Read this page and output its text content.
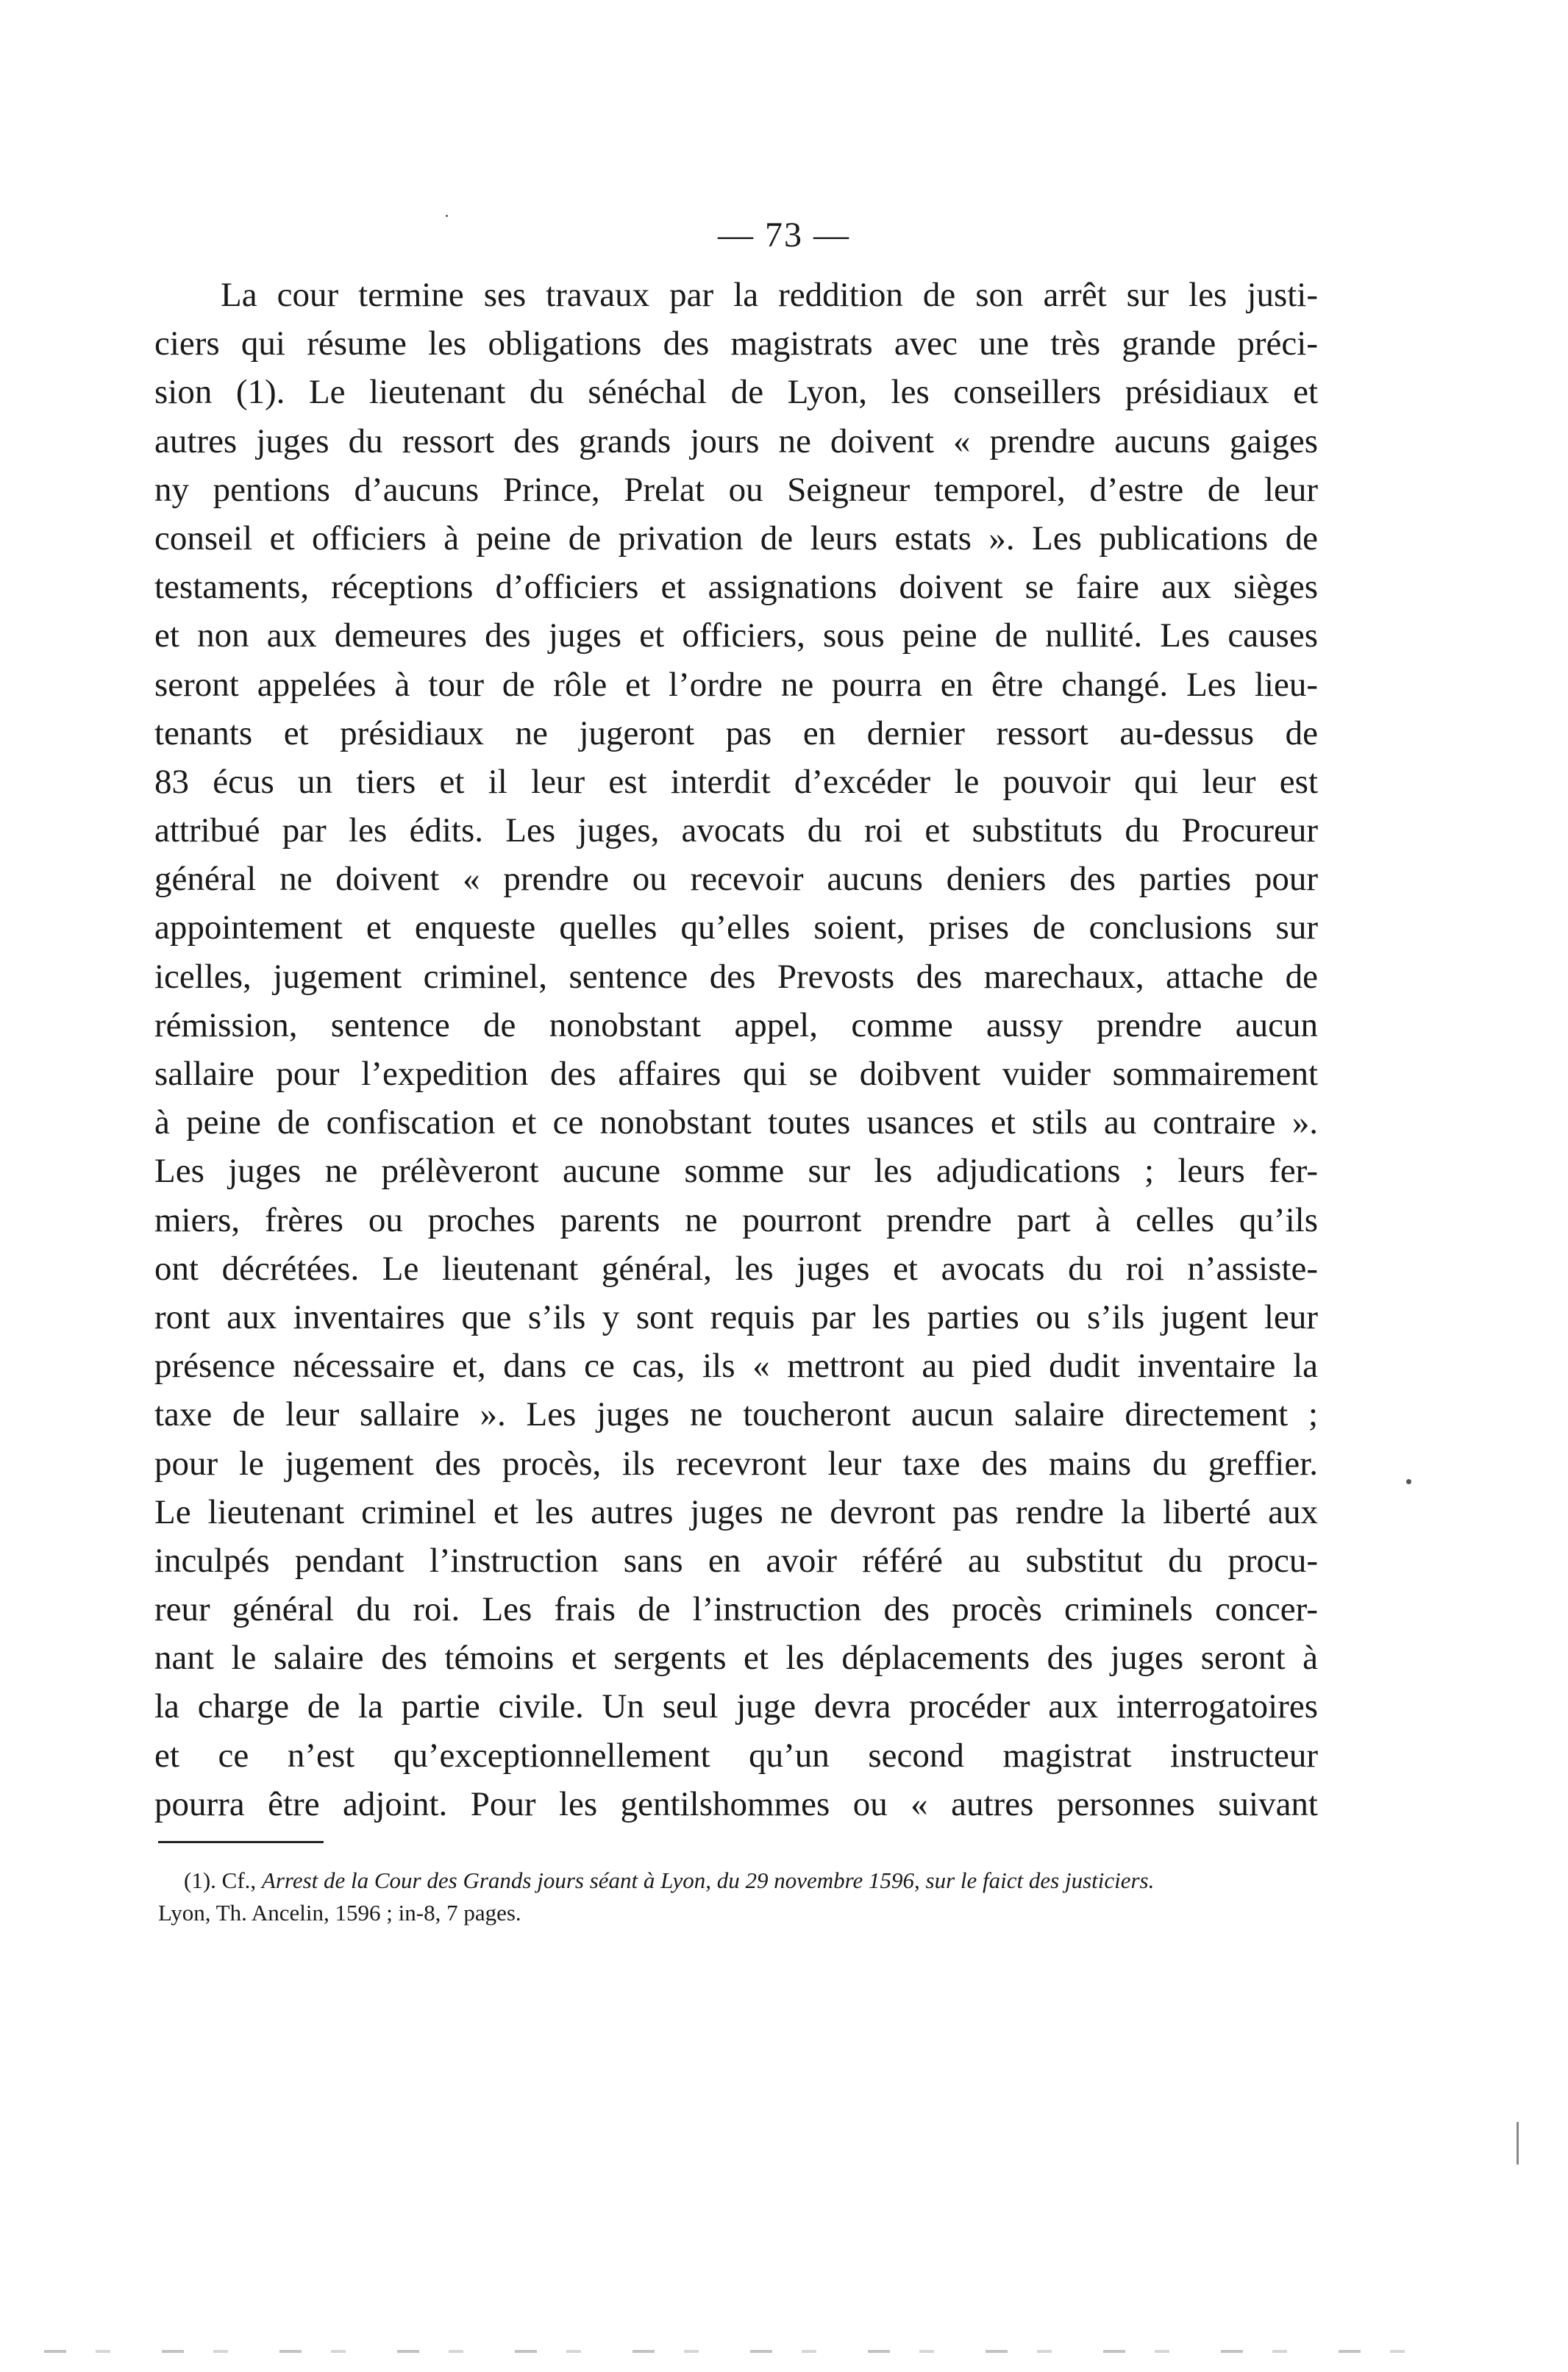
— 73 —
La cour termine ses travaux par la reddition de son arrêt sur les justi-
ciers qui résume les obligations des magistrats avec une très grande préci-
sion (1). Le lieutenant du sénéchal de Lyon, les conseillers présidiaux et
autres juges du ressort des grands jours ne doivent « prendre aucuns gaiges
ny pentions d’aucuns Prince, Prelat ou Seigneur temporel, d’estre de leur
conseil et officiers à peine de privation de leurs estats ». Les publications de
testaments, réceptions d’officiers et assignations doivent se faire aux sièges
et non aux demeures des juges et officiers, sous peine de nullité. Les causes
seront appelées à tour de rôle et l’ordre ne pourra en être changé. Les lieu-
tenants et présidiaux ne jugeront pas en dernier ressort au-dessus de
83 écus un tiers et il leur est interdit d’excéder le pouvoir qui leur est
attribué par les édits. Les juges, avocats du roi et substituts du Procureur
général ne doivent « prendre ou recevoir aucuns deniers des parties pour
appointement et enqueste quelles qu’elles soient, prises de conclusions sur
icelles, jugement criminel, sentence des Prevosts des marechaux, attache de
rémission, sentence de nonobstant appel, comme aussy prendre aucun
sallaire pour l’expedition des affaires qui se doibvent vuider sommairement
à peine de confiscation et ce nonobstant toutes usances et stils au contraire ».
Les juges ne prélèveront aucune somme sur les adjudications ; leurs fer-
miers, frères ou proches parents ne pourront prendre part à celles qu’ils
ont décrétées. Le lieutenant général, les juges et avocats du roi n’assiste-
ront aux inventaires que s’ils y sont requis par les parties ou s’ils jugent leur
présence nécessaire et, dans ce cas, ils « mettront au pied dudit inventaire la
taxe de leur sallaire ». Les juges ne toucheront aucun salaire directement ;
pour le jugement des procès, ils recevront leur taxe des mains du greffier.
Le lieutenant criminel et les autres juges ne devront pas rendre la liberté aux
inculpés pendant l’instruction sans en avoir référé au substitut du procu-
reur général du roi. Les frais de l’instruction des procès criminels concer-
nant le salaire des témoins et sergents et les déplacements des juges seront à
la charge de la partie civile. Un seul juge devra procéder aux interrogatoires
et ce n’est qu’exceptionnellement qu’un second magistrat instructeur
pourra être adjoint. Pour les gentilshommes ou « autres personnes suivant
(1). Cf., Arrest de la Cour des Grands jours séant à Lyon, du 29 novembre 1596, sur le faict des justiciers.
Lyon, Th. Ancelin, 1596 ; in-8, 7 pages.
